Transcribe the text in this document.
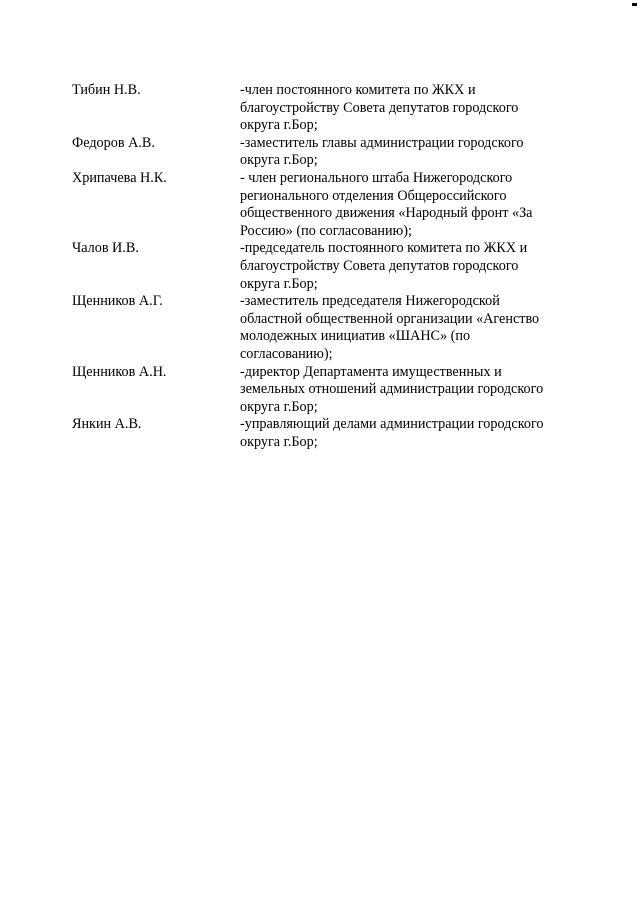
Тибин Н.В.	-член постоянного комитета по ЖКХ и
благоустройству Совета депутатов городского
округа г.Бор;
Федоров А.В.	-заместитель главы администрации городского
округа г.Бор;
Хрипачева Н.К.	- член регионального штаба Нижегородского
регионального отделения Общероссийского
общественного движения «Народный фронт «За
Россию» (по согласованию);
Чалов И.В.	-председатель постоянного комитета по ЖКХ и
благоустройству Совета депутатов городского
округа г.Бор;
Щенников А.Г.	-заместитель председателя Нижегородской
областной общественной организации «Агенство
молодежных инициатив «ШАНС» (по
согласованию);
Щенников А.Н.	-директор Департамента имущественных и
земельных отношений администрации городского
округа г.Бор;
Янкин А.В.	-управляющий делами администрации городского
округа г.Бор;
